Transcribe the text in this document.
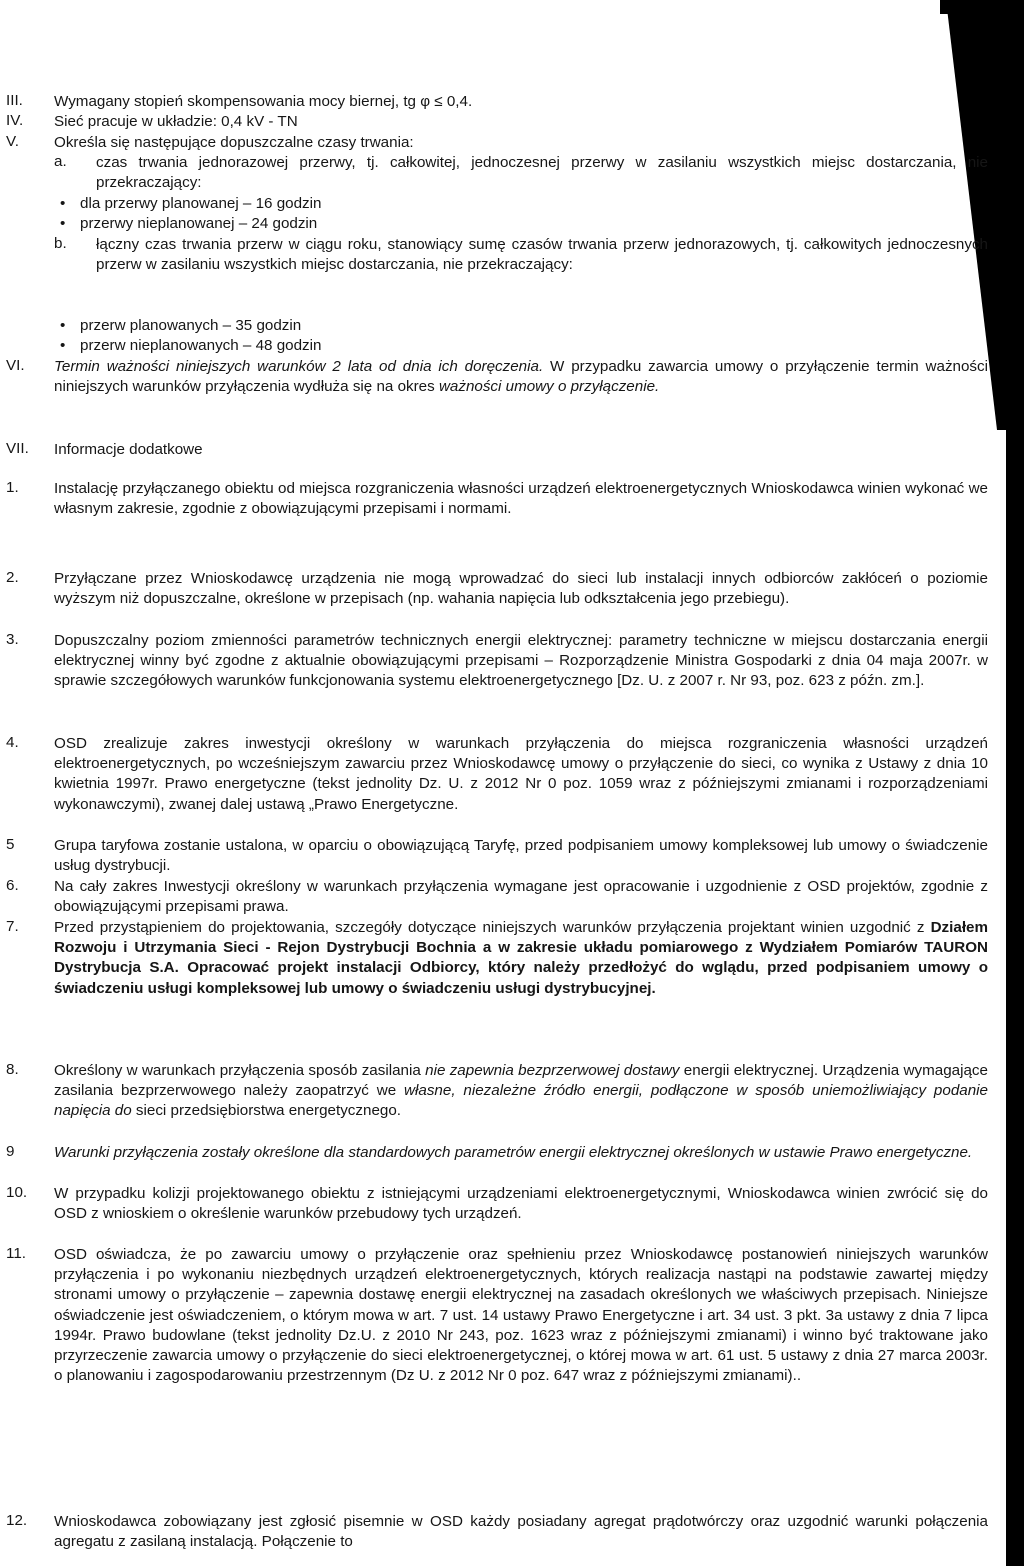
III.	Wymagany stopień skompensowania mocy biernej, tg φ ≤ 0,4.
IV.	Sieć pracuje w układzie: 0,4 kV - TN
V.	Określa się następujące dopuszczalne czasy trwania:
a.	czas trwania jednorazowej przerwy, tj. całkowitej, jednoczesnej przerwy w zasilaniu wszystkich miejsc dostarczania, nie przekraczający:
• dla przerwy planowanej – 16 godzin
• przerwy nieplanowanej – 24 godzin
b.	łączny czas trwania przerw w ciągu roku, stanowiący sumę czasów trwania przerw jednorazowych, tj. całkowitych jednoczesnych przerw w zasilaniu wszystkich miejsc dostarczania, nie przekraczający:
• przerw planowanych – 35 godzin
• przerw nieplanowanych – 48 godzin
VI.	Termin ważności niniejszych warunków 2 lata od dnia ich doręczenia. W przypadku zawarcia umowy o przyłączenie termin ważności niniejszych warunków przyłączenia wydłuża się na okres ważności umowy o przyłączenie.
VII.	Informacje dodatkowe
1.	Instalację przyłączanego obiektu od miejsca rozgraniczenia własności urządzeń elektroenergetycznych Wnioskodawca winien wykonać we własnym zakresie, zgodnie z obowiązującymi przepisami i normami.
2.	Przyłączane przez Wnioskodawcę urządzenia nie mogą wprowadzać do sieci lub instalacji innych odbiorców zakłóceń o poziomie wyższym niż dopuszczalne, określone w przepisach (np. wahania napięcia lub odkształcenia jego przebiegu).
3.	Dopuszczalny poziom zmienności parametrów technicznych energii elektrycznej: parametry techniczne w miejscu dostarczania energii elektrycznej winny być zgodne z aktualnie obowiązującymi przepisami – Rozporządzenie Ministra Gospodarki z dnia 04 maja 2007r. w sprawie szczegółowych warunków funkcjonowania systemu elektroenergetycznego [Dz. U. z 2007 r. Nr 93, poz. 623 z późn. zm.].
4.	OSD zrealizuje zakres inwestycji określony w warunkach przyłączenia do miejsca rozgraniczenia własności urządzeń elektroenergetycznych, po wcześniejszym zawarciu przez Wnioskodawcę umowy o przyłączenie do sieci, co wynika z Ustawy z dnia 10 kwietnia 1997r. Prawo energetyczne (tekst jednolity Dz. U. z 2012 Nr 0 poz. 1059 wraz z późniejszymi zmianami i rozporządzeniami wykonawczymi), zwanej dalej ustawą „Prawo Energetyczne.
5	Grupa taryfowa zostanie ustalona, w oparciu o obowiązującą Taryfę, przed podpisaniem umowy kompleksowej lub umowy o świadczenie usług dystrybucji.
6.	Na cały zakres Inwestycji określony w warunkach przyłączenia wymagane jest opracowanie i uzgodnienie z OSD projektów, zgodnie z obowiązującymi przepisami prawa.
7.	Przed przystąpieniem do projektowania, szczegóły dotyczące niniejszych warunków przyłączenia projektant winien uzgodnić z Działem Rozwoju i Utrzymania Sieci - Rejon Dystrybucji Bochnia a w zakresie układu pomiarowego z Wydziałem Pomiarów TAURON Dystrybucja S.A. Opracować projekt instalacji Odbiorcy, który należy przedłożyć do wglądu, przed podpisaniem umowy o świadczeniu usługi kompleksowej lub umowy o świadczeniu usługi dystrybucyjnej.
8.	Określony w warunkach przyłączenia sposób zasilania nie zapewnia bezprzerwowej dostawy energii elektrycznej. Urządzenia wymagające zasilania bezprzerwowego należy zaopatrzyć we własne, niezależne źródło energii, podłączone w sposób uniemożliwiający podanie napięcia do sieci przedsiębiorstwa energetycznego.
9	Warunki przyłączenia zostały określone dla standardowych parametrów energii elektrycznej określonych w ustawie Prawo energetyczne.
10.	W przypadku kolizji projektowanego obiektu z istniejącymi urządzeniami elektroenergetycznymi, Wnioskodawca winien zwrócić się do OSD z wnioskiem o określenie warunków przebudowy tych urządzeń.
11.	OSD oświadcza, że po zawarciu umowy o przyłączenie oraz spełnieniu przez Wnioskodawcę postanowień niniejszych warunków przyłączenia i po wykonaniu niezbędnych urządzeń elektroenergetycznych, których realizacja nastąpi na podstawie zawartej między stronami umowy o przyłączenie – zapewnia dostawę energii elektrycznej na zasadach określonych we właściwych przepisach. Niniejsze oświadczenie jest oświadczeniem, o którym mowa w art. 7 ust. 14 ustawy Prawo Energetyczne i art. 34 ust. 3 pkt. 3a ustawy z dnia 7 lipca 1994r. Prawo budowlane (tekst jednolity Dz.U. z 2010 Nr 243, poz. 1623 wraz z późniejszymi zmianami) i winno być traktowane jako przyrzeczenie zawarcia umowy o przyłączenie do sieci elektroenergetycznej, o której mowa w art. 61 ust. 5 ustawy z dnia 27 marca 2003r. o planowaniu i zagospodarowaniu przestrzennym (Dz U. z 2012 Nr 0 poz. 647 wraz z późniejszymi zmianami)..
12.	Wnioskodawca zobowiązany jest zgłosić pisemnie w OSD każdy posiadany agregat prądotwórczy oraz uzgodnić warunki połączenia agregatu z zasilaną instalacją. Połączenie to
